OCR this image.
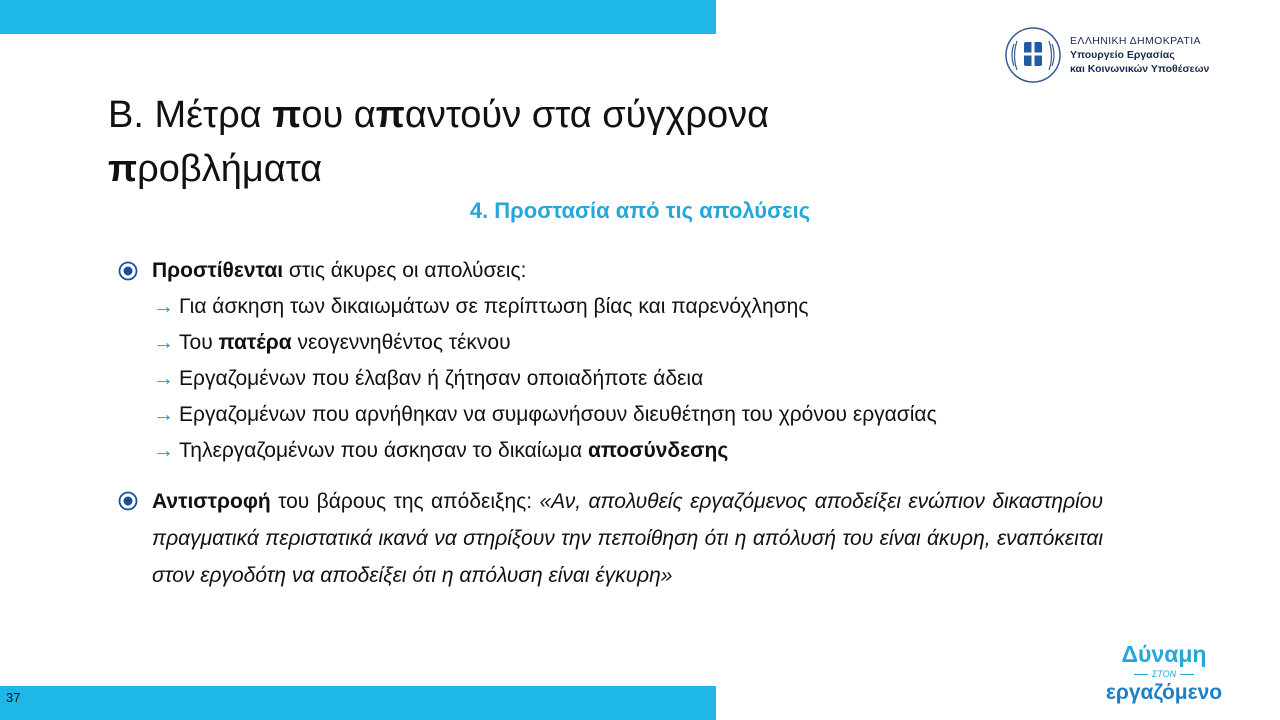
ΕΛΛΗΝΙΚΗ ΔΗΜΟΚΡΑΤΙΑ
Υπουργείο Εργασίας
και Κοινωνικών Υποθέσεων
Β. Μέτρα που απαντούν στα σύγχρονα
προβλήματα
4. Προστασία από τις απολύσεις
Προστίθενται στις άκυρες οι απολύσεις:
→ Για άσκηση των δικαιωμάτων σε περίπτωση βίας και παρενόχλησης
→ Του πατέρα νεογεννηθέντος τέκνου
→ Εργαζομένων που έλαβαν ή ζήτησαν οποιαδήποτε άδεια
→ Εργαζομένων που αρνήθηκαν να συμφωνήσουν διευθέτηση του χρόνου εργασίας
→ Τηλεργαζομένων που άσκησαν το δικαίωμα αποσύνδεσης
Αντιστροφή του βάρους της απόδειξης: «Αν, απολυθείς εργαζόμενος αποδείξει ενώπιον δικαστηρίου πραγματικά περιστατικά ικανά να στηρίξουν την πεποίθηση ότι η απόλυσή του είναι άκυρη, εναπόκειται στον εργοδότη να αποδείξει ότι η απόλυση είναι έγκυρη»
Δύναμη
ΣΤΟΝ
εργαζόμενο
37
